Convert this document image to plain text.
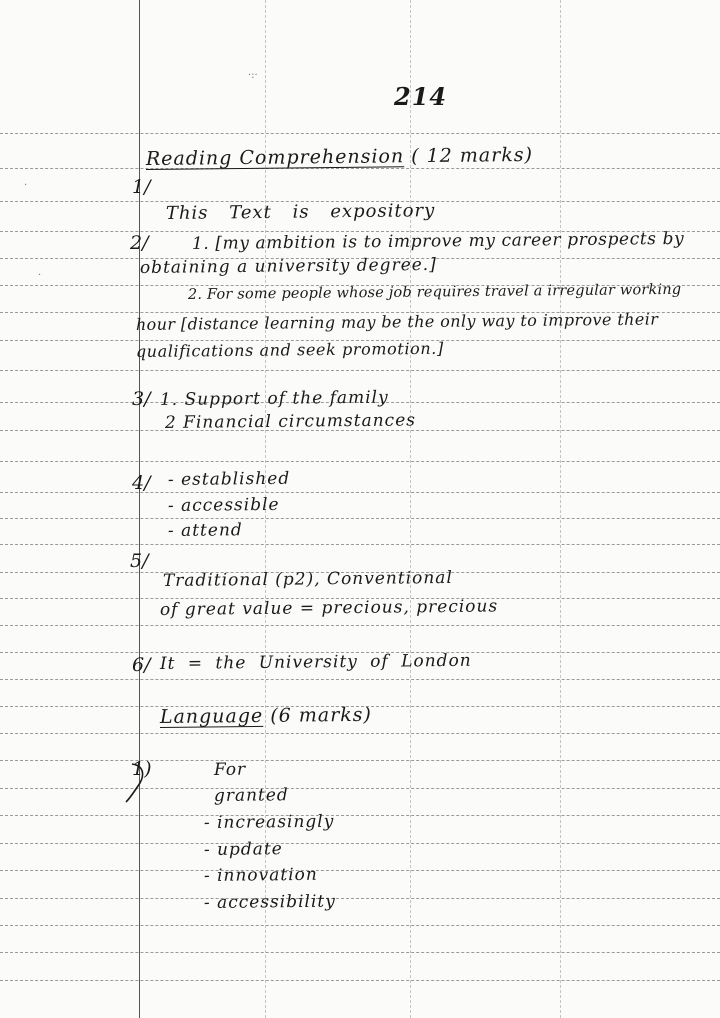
·:·
·
·
214
Reading Comprehension ( 12 marks)
1/
This Text is expository
2/	1. [my ambition is to improve my career prospects by
obtaining a university degree.]
2. For some people whose job requires travel a irregular working
hour [distance learning may be the only way to improve their
qualifications and seek promotion.]
3/ 1. Support of the family
2 Financial circumstances
4/ - established
- accessible
- attend
5/
Traditional (p2), Conventional
of great value = precious, precious
6/ It = the University of London
Language (6 marks)
1)	For
granted
- increasingly
- update
- innovation
- accessibility
